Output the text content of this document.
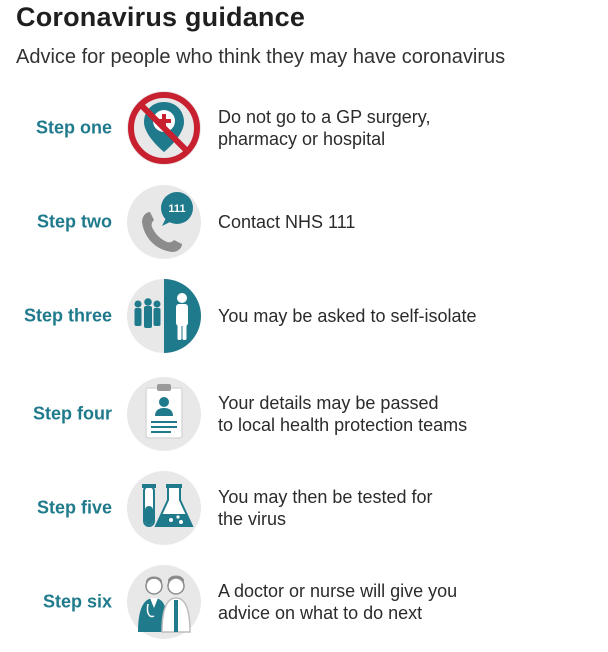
Coronavirus guidance
Advice for people who think they may have coronavirus
Step one
Do not go to a GP surgery,
pharmacy or hospital
Step two
111
Contact NHS 111
Step three	You may be asked to self-isolate
Step four
Your details may be passed
to local health protection teams
Step five
You may then be tested for
the virus
Step six
A doctor or nurse will give you
advice on what to do next
